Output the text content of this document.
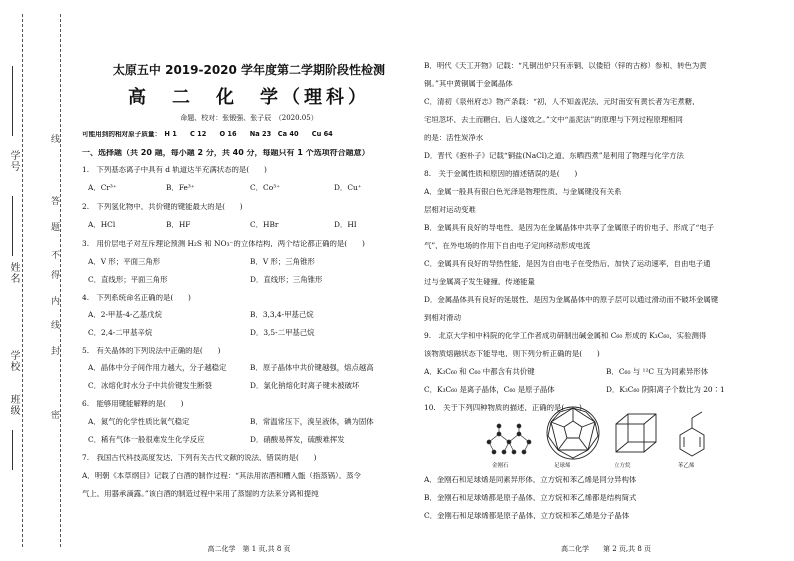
学号
姓名
学校　　班级
线
答
题
不
得
内
线
封
密
太原五中 2019-2020 学年度第二学期阶段性检测
高　二　化　学（理科）
命题、校对：张锻强、张子辰　（2020.05）
可能用到的相对原子质量：　H 1　　C 12　　O 16　　Na 23　Ca 40　　Cu 64
一、选择题（共 20 题，每小题 2 分，共 40 分，每题只有 1 个选项符合题意）
1.　下列基态离子中具有 d 轨道达半充满状态的是(　　)
A．Cr³⁺	B．Fe³⁺	C．Co³⁺	D．Cu⁺
2.　下列氢化物中，共价键的键能最大的是(　　)
A．HCl	B．HF	C．HBr	D．HI
3.　用价层电子对互斥理论预测 H₂S 和 NO₃⁻的立体结构，两个结论都正确的是(　　)
A．V 形；平面三角形	B．V 形；三角锥形
C．直线形；平面三角形	D．直线形；三角锥形
4.　下列系统命名正确的是(　　)
A．2-甲基-4-乙基戊烷	B．3,3,4-甲基己烷
C．2,4-二甲基辛烷	D．3,5-二甲基己烷
5.　有关晶体的下列说法中正确的是(　　)
A．晶体中分子间作用力越大，分子越稳定	B．原子晶体中共价键越强，熔点越高
C．冰熔化时水分子中共价键发生断裂	D．氯化钠熔化时离子键未被破坏
6.　能够用键能解释的是(　　)
A．氮气的化学性质比氧气稳定	B．常温常压下，溴呈液体，碘为固体
C．稀有气体一般很难发生化学反应	D．硝酸易挥发，硫酸难挥发
7.　我国古代科技高度发达，下列有关古代文献的说法，错误的是(　　)
A．明朝《本草纲目》记载了白酒的制作过程：“其法用浓酒和糟入甑（指蒸锅），蒸令
气上，用器承滴露。”该白酒的制造过程中采用了蒸馏的方法来分离和提纯
高二化学　第 1 页,共 8 页
B．明代《天工开物》记载：“凡铜出炉只有赤铜，以倭铅（锌的古称）参和，转色为黄
铜。”其中黄铜属于金属晶体
C．清初《泉州府志》物产条载：“初，人不知盖泥法，元时南安有黄长者为宅煮糖，
宅垣忽坏，去土而糖白，后人遂效之。”文中“盖泥法”的原理与下列过程原理相同
的是：活性炭净水
D．晋代《抱朴子》记载“铜盐(NaCl)之道，东晒西煮”是利用了物理与化学方法
8.　关于金属性质和原因的描述错误的是(　　)
A．金属一般具有银白色光泽是物理性质，与金属键没有关系
层相对运动变难
B．金属具有良好的导电性，是因为在金属晶体中共享了金属原子的价电子，形成了“电子
气”，在外电场的作用下自由电子定向移动形成电流
C．金属具有良好的导热性能，是因为自由电子在受热后，加快了运动速率，自由电子通
过与金属离子发生碰撞，传递能量
D．金属晶体具有良好的延展性，是因为金属晶体中的原子层可以通过滑动而不破坏金属键
到相对滑动
9.　北京大学和中科院的化学工作者成功研制出碱金属和 C₆₀ 形成的 K₃C₆₀，实验测得
该物质熔融状态下能导电，则下列分析正确的是(　　)
A．K₃C₆₀ 和 C₆₀ 中都含有共价键	B．C₆₀ 与 ¹²C 互为同素异形体
C．K₃C₆₀ 是离子晶体，C₆₀ 是原子晶体	D．K₃C₆₀ 阴阳离子个数比为 20∶1
10.　关于下列四种物质的描述，正确的是(　　)
金刚石	足球烯	立方烷	苯乙烯
A．金刚石和足球烯是同素异形体，立方烷和苯乙烯是同分异构体
B．金刚石和足球烯都是原子晶体，立方烷和苯乙烯都是结构简式
C．金刚石和足球烯都是原子晶体，立方烷和苯乙烯是分子晶体
高二化学　　第 2 页,共 8 页
